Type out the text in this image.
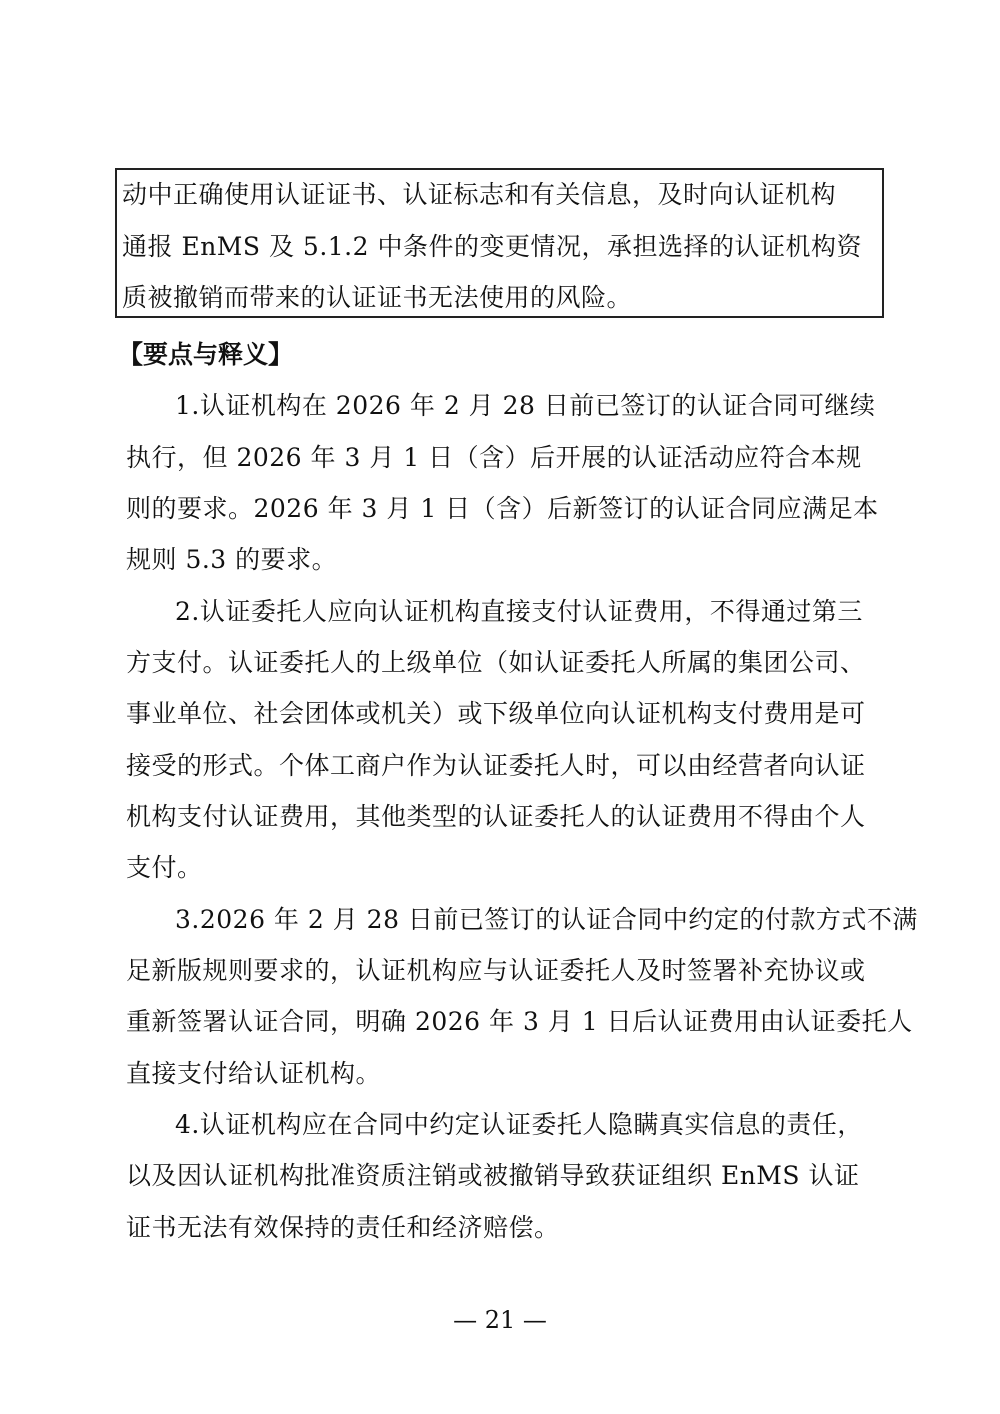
动中正确使用认证证书、认证标志和有关信息，及时向认证机构
通报 EnMS 及 5.1.2 中条件的变更情况，承担选择的认证机构资
质被撤销而带来的认证证书无法使用的风险。
【要点与释义】
1.认证机构在 2026 年 2 月 28 日前已签订的认证合同可继续
执行，但 2026 年 3 月 1 日（含）后开展的认证活动应符合本规
则的要求。2026 年 3 月 1 日（含）后新签订的认证合同应满足本
规则 5.3 的要求。
2.认证委托人应向认证机构直接支付认证费用，不得通过第三
方支付。认证委托人的上级单位（如认证委托人所属的集团公司、
事业单位、社会团体或机关）或下级单位向认证机构支付费用是可
接受的形式。个体工商户作为认证委托人时，可以由经营者向认证
机构支付认证费用，其他类型的认证委托人的认证费用不得由个人
支付。
3.2026 年 2 月 28 日前已签订的认证合同中约定的付款方式不满
足新版规则要求的，认证机构应与认证委托人及时签署补充协议或
重新签署认证合同，明确 2026 年 3 月 1 日后认证费用由认证委托人
直接支付给认证机构。
4.认证机构应在合同中约定认证委托人隐瞒真实信息的责任，
以及因认证机构批准资质注销或被撤销导致获证组织 EnMS 认证
证书无法有效保持的责任和经济赔偿。
— 21 —
